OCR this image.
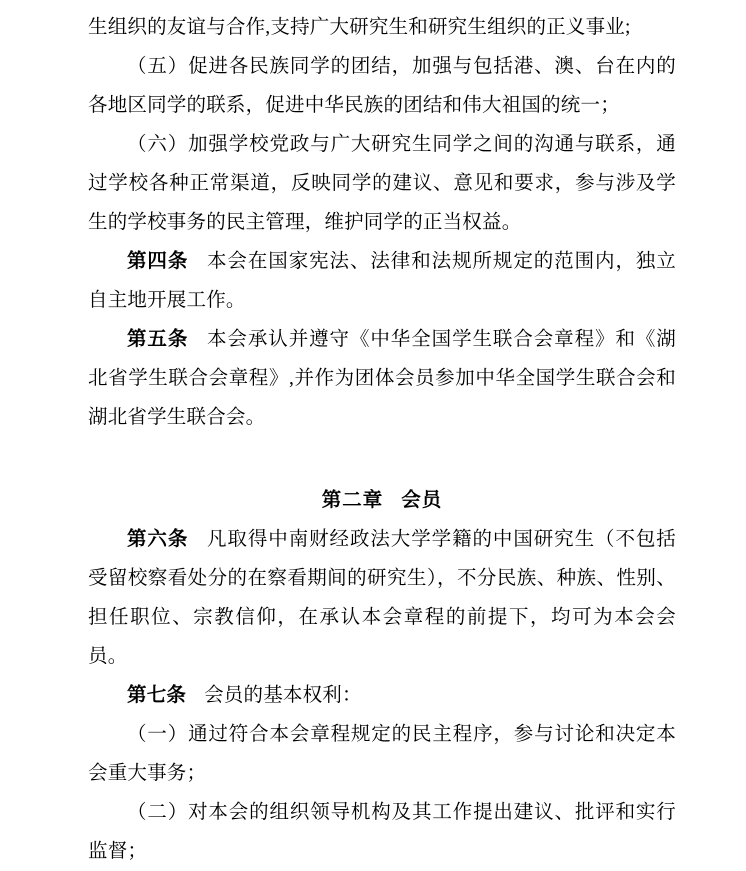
生组织的友谊与合作,支持广大研究生和研究生组织的正义事业;

（五）促进各民族同学的团结，加强与包括港、澳、台在内的各地区同学的联系，促进中华民族的团结和伟大祖国的统一；

（六）加强学校党政与广大研究生同学之间的沟通与联系，通过学校各种正常渠道，反映同学的建议、意见和要求，参与涉及学生的学校事务的民主管理，维护同学的正当权益。

第四条 本会在国家宪法、法律和法规所规定的范围内，独立自主地开展工作。

第五条 本会承认并遵守《中华全国学生联合会章程》和《湖北省学生联合会章程》,并作为团体会员参加中华全国学生联合会和湖北省学生联合会。

第二章 会员

第六条 凡取得中南财经政法大学学籍的中国研究生（不包括受留校察看处分的在察看期间的研究生），不分民族、种族、性别、担任职位、宗教信仰，在承认本会章程的前提下，均可为本会会员。

第七条 会员的基本权利：

（一）通过符合本会章程规定的民主程序，参与讨论和决定本会重大事务；

（二）对本会的组织领导机构及其工作提出建议、批评和实行监督；
